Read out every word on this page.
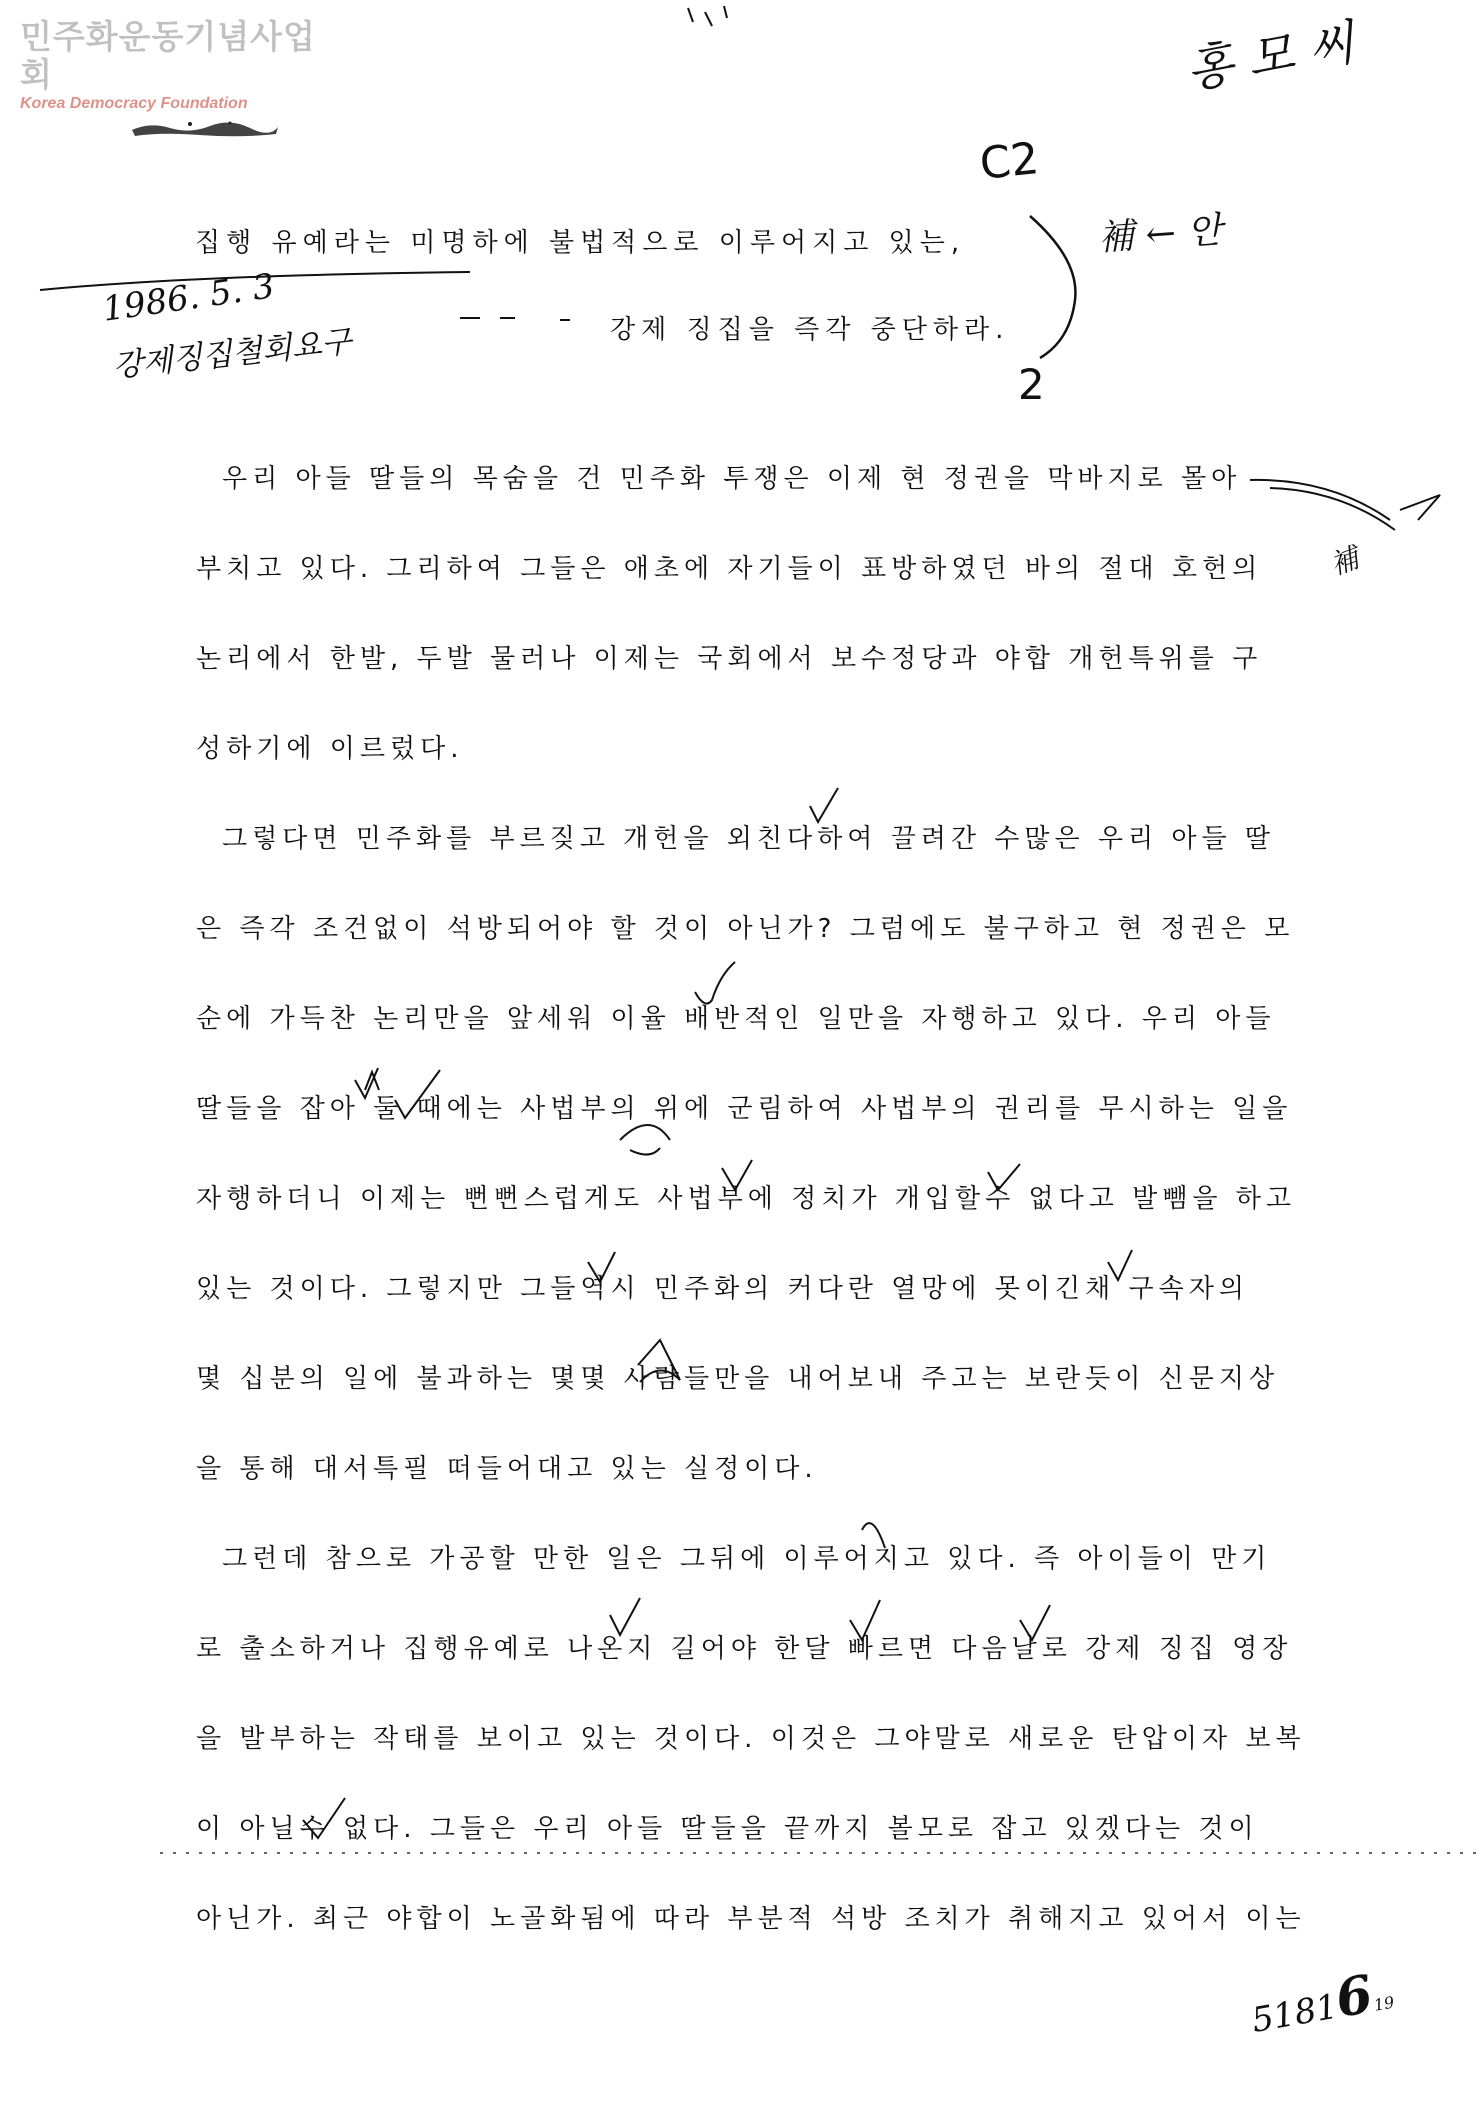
민주화운동기념사업회
Korea Democracy Foundation
집행 유예라는 미명하에 불법적으로 이루어지고 있는,
강제 징집을 즉각 중단하라.
1986. 5. 3
강제징집철회요구
홍 모 씨
C2
2
補 ← 안
補
우리 아들 딸들의 목숨을 건 민주화 투쟁은 이제 현 정권을 막바지로 몰아
부치고 있다. 그리하여 그들은 애초에 자기들이 표방하였던 바의 절대 호헌의
논리에서 한발, 두발 물러나 이제는 국회에서 보수정당과 야합 개헌특위를 구
성하기에 이르렀다.
그렇다면 민주화를 부르짖고 개헌을 외친다하여 끌려간 수많은 우리 아들 딸
은 즉각 조건없이 석방되어야 할 것이 아닌가? 그럼에도 불구하고 현 정권은 모
순에 가득찬 논리만을 앞세워 이율 배반적인 일만을 자행하고 있다. 우리 아들
딸들을 잡아 둘 때에는 사법부의 위에 군림하여 사법부의 권리를 무시하는 일을
자행하더니 이제는 뻔뻔스럽게도 사법부에 정치가 개입할수 없다고 발뺌을 하고
있는 것이다. 그렇지만 그들역시 민주화의 커다란 열망에 못이긴채 구속자의
몇 십분의 일에 불과하는 몇몇 사람들만을 내어보내 주고는 보란듯이 신문지상
을 통해 대서특필 떠들어대고 있는 실정이다.
그런데 참으로 가공할 만한 일은 그뒤에 이루어지고 있다. 즉 아이들이 만기
로 출소하거나 집행유예로 나온지 길어야 한달 빠르면 다음날로 강제 징집 영장
을 발부하는 작태를 보이고 있는 것이다. 이것은 그야말로 새로운 탄압이자 보복
이 아닐수 없다. 그들은 우리 아들 딸들을 끝까지 볼모로 잡고 있겠다는 것이
아닌가. 최근 야합이 노골화됨에 따라 부분적 석방 조치가 취해지고 있어서 이는
5181619
